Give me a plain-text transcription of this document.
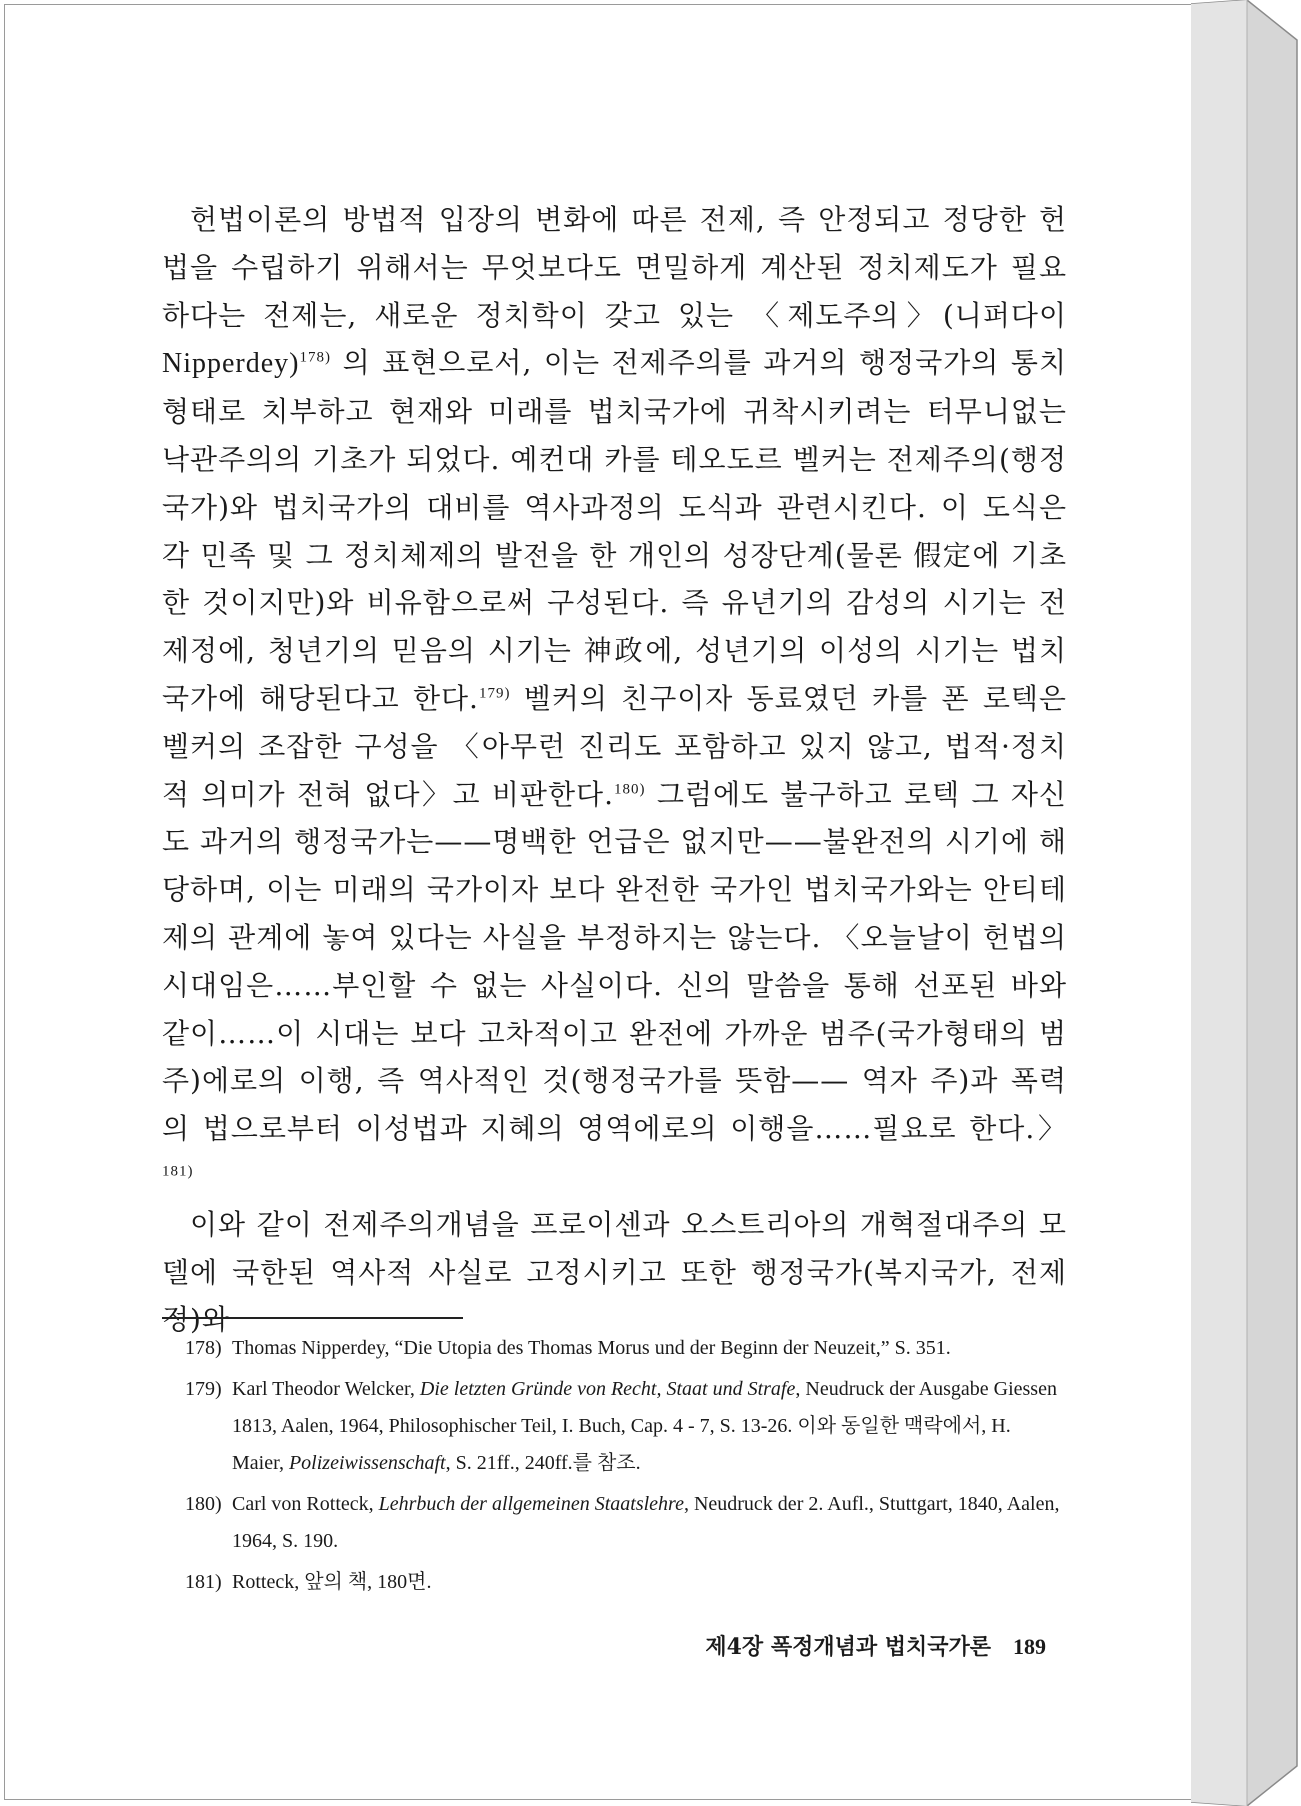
헌법이론의 방법적 입장의 변화에 따른 전제, 즉 안정되고 정당한 헌법을 수립하기 위해서는 무엇보다도 면밀하게 계산된 정치제도가 필요하다는 전제는, 새로운 정치학이 갖고 있는 〈제도주의〉(니퍼다이 Nipperdey)$^{178)}$ 의 표현으로서, 이는 전제주의를 과거의 행정국가의 통치형태로 치부하고 현재와 미래를 법치국가에 귀착시키려는 터무니없는 낙관주의의 기초가 되었다. 예컨대 카를 테오도르 벨커는 전제주의(행정국가)와 법치국가의 대비를 역사과정의 도식과 관련시킨다. 이 도식은 각 민족 및 그 정치체제의 발전을 한 개인의 성장단계(물론 假定에 기초한 것이지만)와 비유함으로써 구성된다. 즉 유년기의 감성의 시기는 전제정에, 청년기의 믿음의 시기는 神政에, 성년기의 이성의 시기는 법치국가에 해당된다고 한다.$^{179)}$ 벨커의 친구이자 동료였던 카를 폰 로텍은 벨커의 조잡한 구성을 〈아무런 진리도 포함하고 있지 않고, 법적·정치적 의미가 전혀 없다〉고 비판한다.$^{180)}$ 그럼에도 불구하고 로텍 그 자신도 과거의 행정국가는——명백한 언급은 없지만——불완전의 시기에 해당하며, 이는 미래의 국가이자 보다 완전한 국가인 법치국가와는 안티테제의 관계에 놓여 있다는 사실을 부정하지는 않는다. 〈오늘날이 헌법의 시대임은……부인할 수 없는 사실이다. 신의 말씀을 통해 선포된 바와 같이……이 시대는 보다 고차적이고 완전에 가까운 범주(국가형태의 범주)에로의 이행, 즉 역사적인 것(행정국가를 뜻함—— 역자 주)과 폭력의 법으로부터 이성법과 지혜의 영역에로의 이행을……필요로 한다.〉$^{181)}$

이와 같이 전제주의개념을 프로이센과 오스트리아의 개혁절대주의 모델에 국한된 역사적 사실로 고정시키고 또한 행정국가(복지국가, 전제정)와

178) Thomas Nipperdey, “Die Utopia des Thomas Morus und der Beginn der Neuzeit,” S. 351.
179) Karl Theodor Welcker, Die letzten Gründe von Recht, Staat und Strafe, Neudruck der Ausgabe Giessen 1813, Aalen, 1964, Philosophischer Teil, I. Buch, Cap. 4 - 7, S. 13-26. 이와 동일한 맥락에서, H. Maier, Polizeiwissenschaft, S. 21ff., 240ff.를 참조.
180) Carl von Rotteck, Lehrbuch der allgemeinen Staatslehre, Neudruck der 2. Aufl., Stuttgart, 1840, Aalen, 1964, S. 190.
181) Rotteck, 앞의 책, 180면.
제4장 폭정개념과 법치국가론 189
